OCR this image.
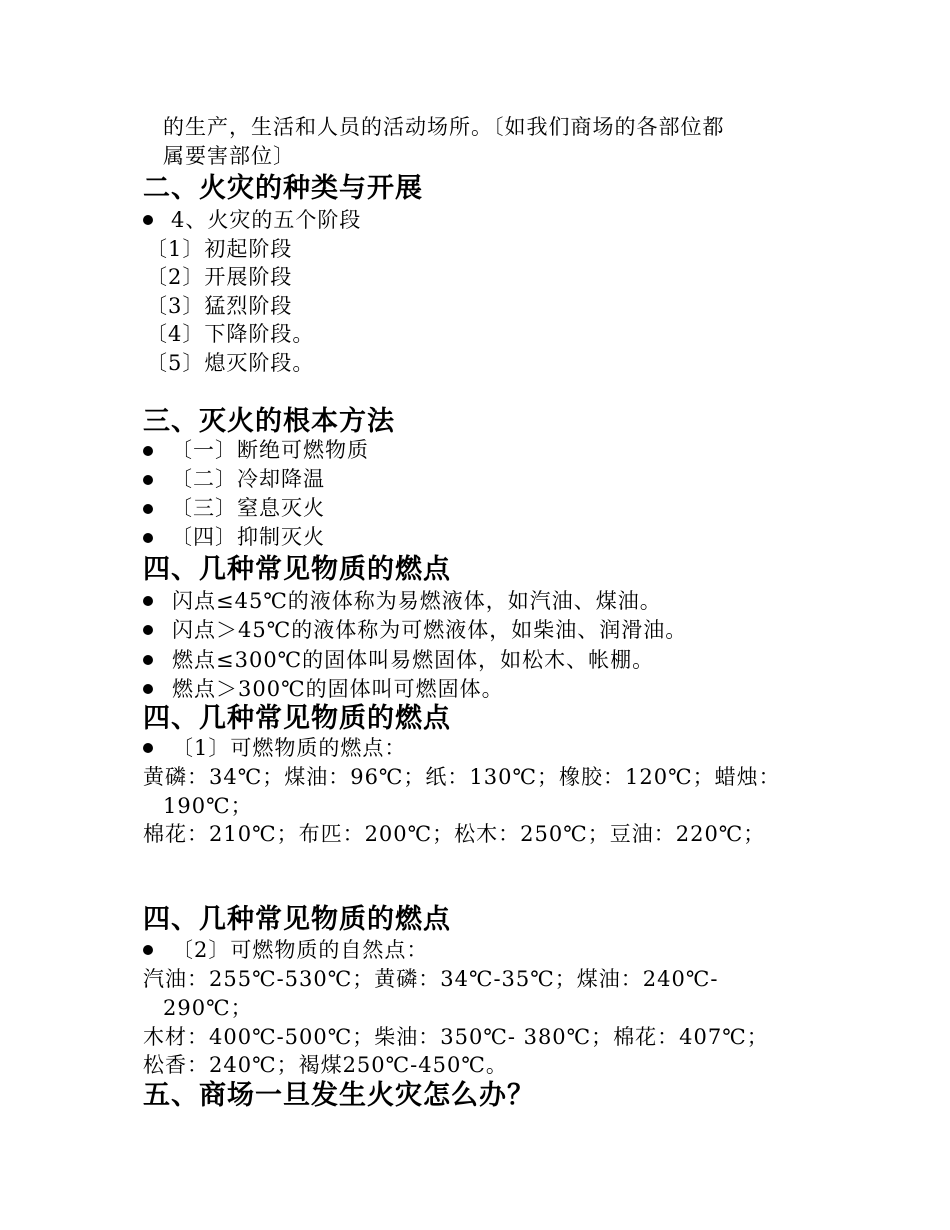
的生产，生活和人员的活动场所。〔如我们商场的各部位都
属要害部位〕
二、火灾的种类与开展
4、火灾的五个阶段
〔1〕初起阶段
〔2〕开展阶段
〔3〕猛烈阶段
〔4〕下降阶段。
〔5〕熄灭阶段。
三、灭火的根本方法
〔一〕断绝可燃物质
〔二〕冷却降温
〔三〕窒息灭火
〔四〕抑制灭火
四、几种常见物质的燃点
闪点≤45℃的液体称为易燃液体，如汽油、煤油。
闪点＞45℃的液体称为可燃液体，如柴油、润滑油。
燃点≤300℃的固体叫易燃固体，如松木、帐棚。
燃点＞300℃的固体叫可燃固体。
四、几种常见物质的燃点
〔1〕可燃物质的燃点：
黄磷：34℃；煤油：96℃；纸：130℃；橡胶：120℃；蜡烛：
190℃；
棉花：210℃；布匹：200℃；松木：250℃；豆油：220℃；
四、几种常见物质的燃点
〔2〕可燃物质的自然点：
汽油：255℃-530℃；黄磷：34℃-35℃；煤油：240℃-
290℃；
木材：400℃-500℃；柴油：350℃- 380℃；棉花：407℃；
松香：240℃；褐煤250℃-450℃。
五、商场一旦发生火灾怎么办？
